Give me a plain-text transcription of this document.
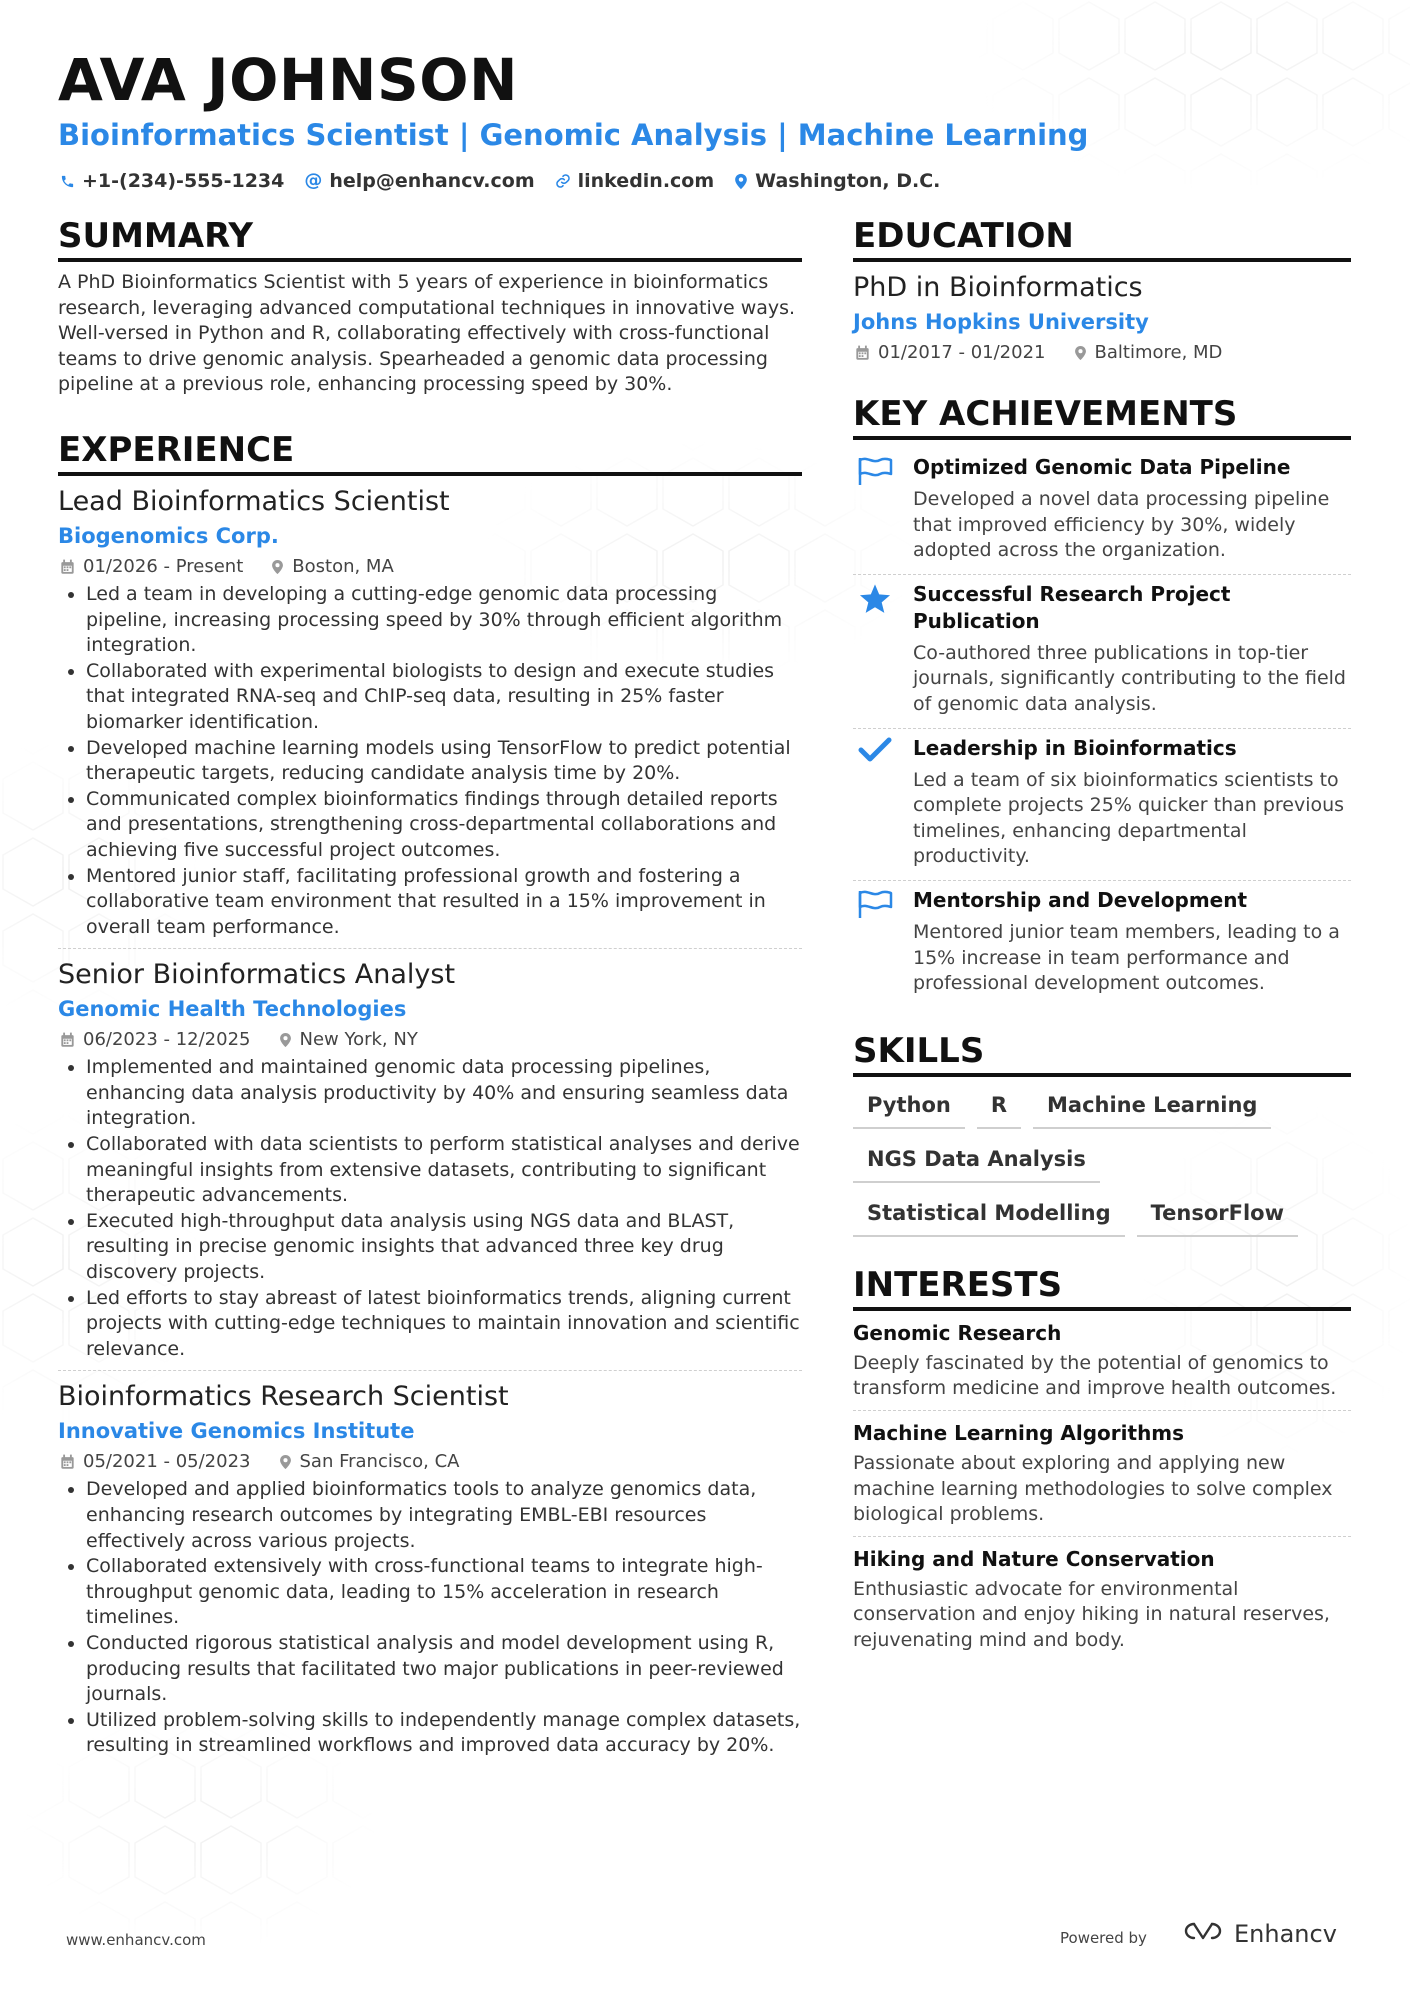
AVA JOHNSON
Bioinformatics Scientist | Genomic Analysis | Machine Learning
+1-(234)-555-1234 @ help@enhancv.com linkedin.com Washington, D.C.
SUMMARY
A PhD Bioinformatics Scientist with 5 years of experience in bioinformatics research, leveraging advanced computational techniques in innovative ways. Well-versed in Python and R, collaborating effectively with cross-functional teams to drive genomic analysis. Spearheaded a genomic data processing pipeline at a previous role, enhancing processing speed by 30%.
EXPERIENCE
Lead Bioinformatics Scientist
Biogenomics Corp.
01/2026 - Present	Boston, MA
• Led a team in developing a cutting-edge genomic data processing pipeline, increasing processing speed by 30% through efficient algorithm integration.
• Collaborated with experimental biologists to design and execute studies that integrated RNA-seq and ChIP-seq data, resulting in 25% faster biomarker identification.
• Developed machine learning models using TensorFlow to predict potential therapeutic targets, reducing candidate analysis time by 20%.
• Communicated complex bioinformatics findings through detailed reports and presentations, strengthening cross-departmental collaborations and achieving five successful project outcomes.
• Mentored junior staff, facilitating professional growth and fostering a collaborative team environment that resulted in a 15% improvement in overall team performance.
Senior Bioinformatics Analyst
Genomic Health Technologies
06/2023 - 12/2025	New York, NY
• Implemented and maintained genomic data processing pipelines, enhancing data analysis productivity by 40% and ensuring seamless data integration.
• Collaborated with data scientists to perform statistical analyses and derive meaningful insights from extensive datasets, contributing to significant therapeutic advancements.
• Executed high-throughput data analysis using NGS data and BLAST, resulting in precise genomic insights that advanced three key drug discovery projects.
• Led efforts to stay abreast of latest bioinformatics trends, aligning current projects with cutting-edge techniques to maintain innovation and scientific relevance.
Bioinformatics Research Scientist
Innovative Genomics Institute
05/2021 - 05/2023	San Francisco, CA
• Developed and applied bioinformatics tools to analyze genomics data, enhancing research outcomes by integrating EMBL-EBI resources effectively across various projects.
• Collaborated extensively with cross-functional teams to integrate high-throughput genomic data, leading to 15% acceleration in research timelines.
• Conducted rigorous statistical analysis and model development using R, producing results that facilitated two major publications in peer-reviewed journals.
• Utilized problem-solving skills to independently manage complex datasets, resulting in streamlined workflows and improved data accuracy by 20%.
EDUCATION
PhD in Bioinformatics
Johns Hopkins University
01/2017 - 01/2021	Baltimore, MD
KEY ACHIEVEMENTS
Optimized Genomic Data Pipeline
Developed a novel data processing pipeline that improved efficiency by 30%, widely adopted across the organization.
Successful Research Project Publication
Co-authored three publications in top-tier journals, significantly contributing to the field of genomic data analysis.
Leadership in Bioinformatics
Led a team of six bioinformatics scientists to complete projects 25% quicker than previous timelines, enhancing departmental productivity.
Mentorship and Development
Mentored junior team members, leading to a 15% increase in team performance and professional development outcomes.
SKILLS
Python	R	Machine Learning
NGS Data Analysis
Statistical Modelling	TensorFlow
INTERESTS
Genomic Research
Deeply fascinated by the potential of genomics to transform medicine and improve health outcomes.
Machine Learning Algorithms
Passionate about exploring and applying new machine learning methodologies to solve complex biological problems.
Hiking and Nature Conservation
Enthusiastic advocate for environmental conservation and enjoy hiking in natural reserves, rejuvenating mind and body.
www.enhancv.com	Powered by	Enhancv
